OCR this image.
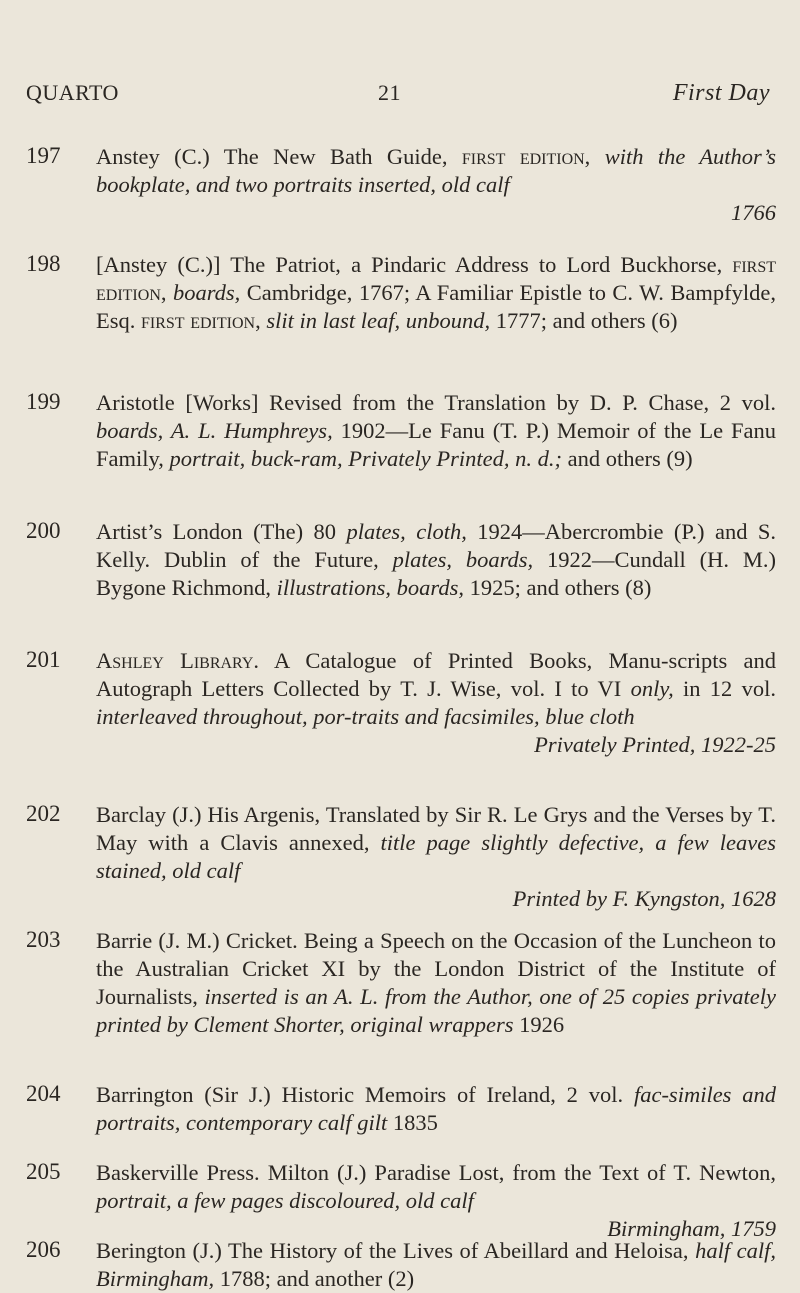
QUARTO	21	First Day
197	Anstey (C.) The New Bath Guide, first edition, with the Author’s bookplate, and two portraits inserted, old calf
1766
198	[Anstey (C.)] The Patriot, a Pindaric Address to Lord Buckhorse, first edition, boards, Cambridge, 1767; A Familiar Epistle to C. W. Bampfylde, Esq. first edition, slit in last leaf, unbound, 1777; and others (6)
199	Aristotle [Works] Revised from the Translation by D. P. Chase, 2 vol. boards, A. L. Humphreys, 1902—Le Fanu (T. P.) Memoir of the Le Fanu Family, portrait, buck-ram, Privately Printed, n. d.; and others (9)
200	Artist’s London (The) 80 plates, cloth, 1924—Abercrombie (P.) and S. Kelly. Dublin of the Future, plates, boards, 1922—Cundall (H. M.) Bygone Richmond, illustrations, boards, 1925; and others (8)
201	Ashley Library. A Catalogue of Printed Books, Manu-scripts and Autograph Letters Collected by T. J. Wise, vol. I to VI only, in 12 vol. interleaved throughout, por-traits and facsimiles, blue cloth
Privately Printed, 1922-25
202	Barclay (J.) His Argenis, Translated by Sir R. Le Grys and the Verses by T. May with a Clavis annexed, title page slightly defective, a few leaves stained, old calf
Printed by F. Kyngston, 1628
203	Barrie (J. M.) Cricket. Being a Speech on the Occasion of the Luncheon to the Australian Cricket XI by the London District of the Institute of Journalists, inserted is an A. L. from the Author, one of 25 copies privately printed by Clement Shorter, original wrappers 1926
204	Barrington (Sir J.) Historic Memoirs of Ireland, 2 vol. fac-similes and portraits, contemporary calf gilt 1835
205	Baskerville Press. Milton (J.) Paradise Lost, from the Text of T. Newton, portrait, a few pages discoloured, old calf
Birmingham, 1759
206	Berington (J.) The History of the Lives of Abeillard and Heloisa, half calf, Birmingham, 1788; and another (2)
